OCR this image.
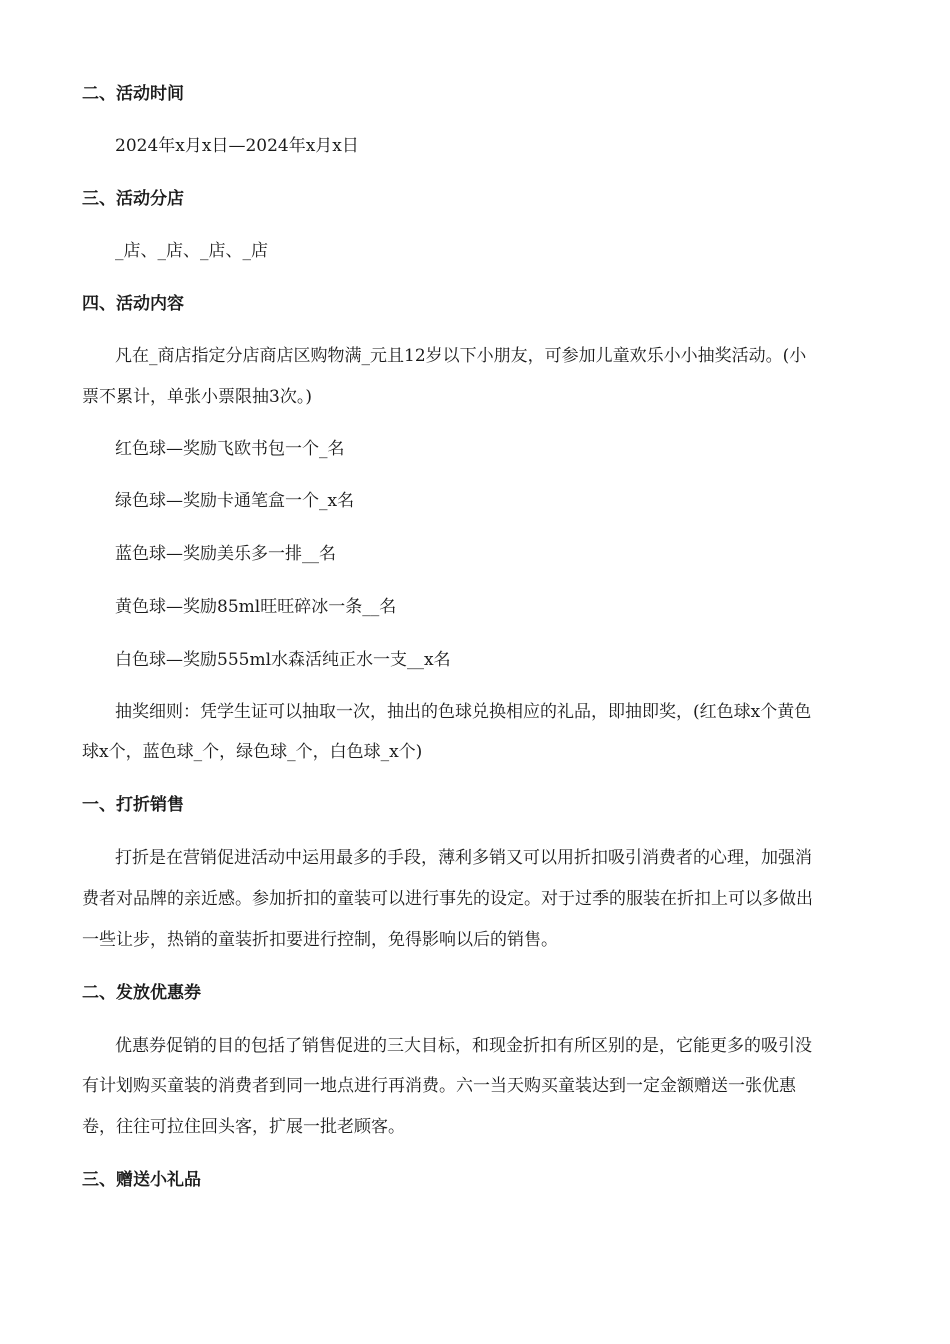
二、活动时间
2024年x月x日—2024年x月x日
三、活动分店
_店、_店、_店、_店
四、活动内容
凡在_商店指定分店商店区购物满_元且12岁以下小朋友，可参加儿童欢乐小小抽奖活动。(小
票不累计，单张小票限抽3次。)
红色球—奖励飞欧书包一个_名
绿色球—奖励卡通笔盒一个_x名
蓝色球—奖励美乐多一排__名
黄色球—奖励85ml旺旺碎冰一条__名
白色球—奖励555ml水森活纯正水一支__x名
抽奖细则：凭学生证可以抽取一次，抽出的色球兑换相应的礼品，即抽即奖，(红色球x个黄色
球x个，蓝色球_个，绿色球_个，白色球_x个)
一、打折销售
打折是在营销促进活动中运用最多的手段，薄利多销又可以用折扣吸引消费者的心理，加强消
费者对品牌的亲近感。参加折扣的童装可以进行事先的设定。对于过季的服装在折扣上可以多做出
一些让步，热销的童装折扣要进行控制，免得影响以后的销售。
二、发放优惠券
优惠券促销的目的包括了销售促进的三大目标，和现金折扣有所区别的是，它能更多的吸引没
有计划购买童装的消费者到同一地点进行再消费。六一当天购买童装达到一定金额赠送一张优惠
卷，往往可拉住回头客，扩展一批老顾客。
三、赠送小礼品
